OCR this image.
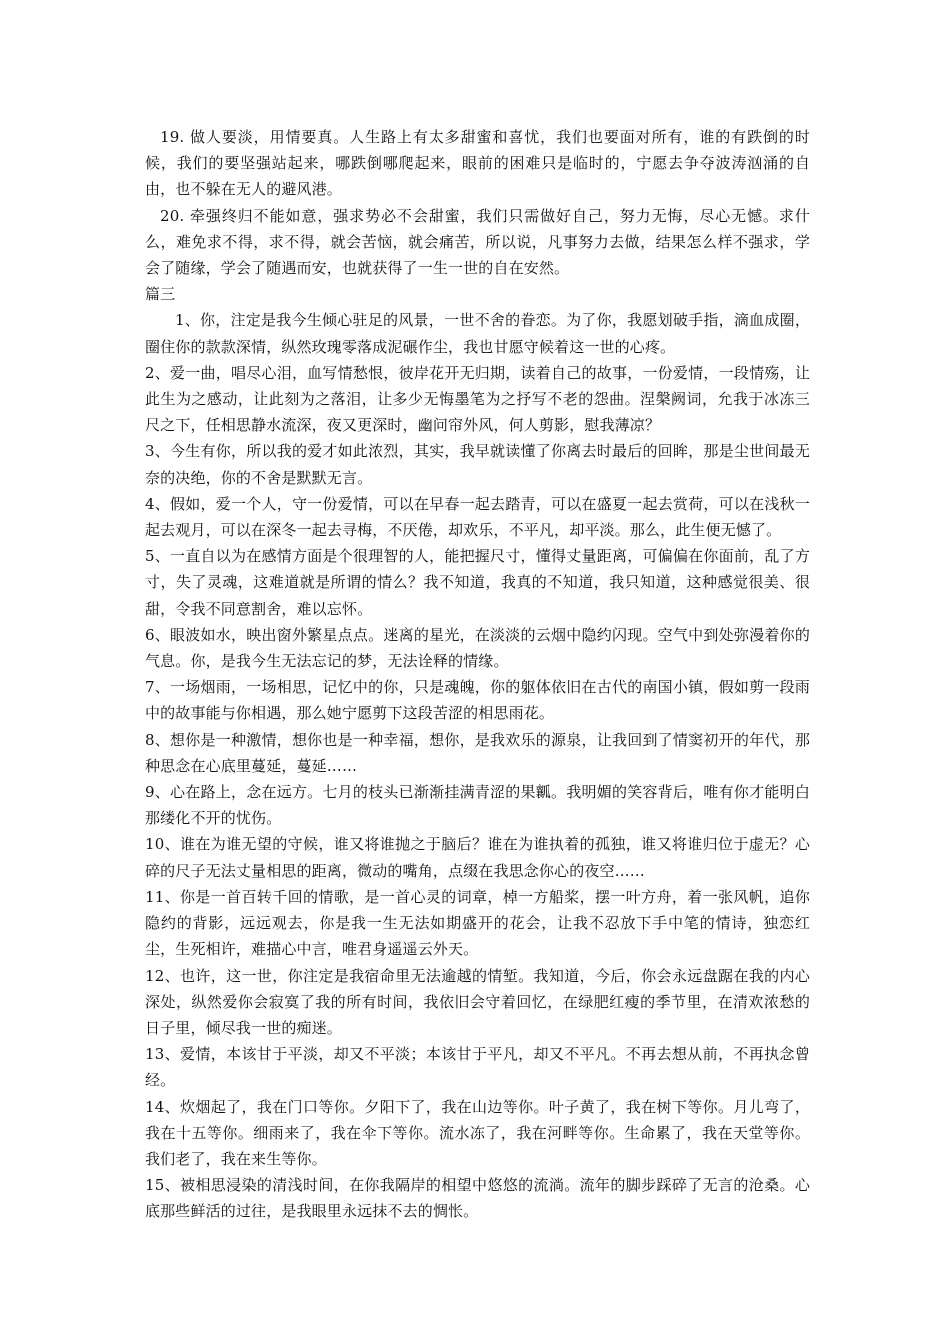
19. 做人要淡，用情要真。人生路上有太多甜蜜和喜忧，我们也要面对所有，谁的有跌倒的时候，我们的要坚强站起来，哪跌倒哪爬起来，眼前的困难只是临时的，宁愿去争夺波涛汹涌的自由，也不躲在无人的避风港。

20. 牵强终归不能如意，强求势必不会甜蜜，我们只需做好自己，努力无悔，尽心无憾。求什么，难免求不得，求不得，就会苦恼，就会痛苦，所以说，凡事努力去做，结果怎么样不强求，学会了随缘，学会了随遇而安，也就获得了一生一世的自在安然。

篇三

1、你，注定是我今生倾心驻足的风景，一世不舍的眷恋。为了你，我愿划破手指，滴血成圈，圈住你的款款深情，纵然玫瑰零落成泥碾作尘，我也甘愿守候着这一世的心疼。

2、爱一曲，唱尽心泪，血写情愁恨，彼岸花开无归期，读着自己的故事，一份爱情，一段情殇，让此生为之感动，让此刻为之落泪，让多少无悔墨笔为之抒写不老的怨曲。涅槃阙词，允我于冰冻三尺之下，任相思静水流深，夜又更深时，幽问帘外风，何人剪影，慰我薄凉？

3、今生有你，所以我的爱才如此浓烈，其实，我早就读懂了你离去时最后的回眸，那是尘世间最无奈的决绝，你的不舍是默默无言。

4、假如，爱一个人，守一份爱情，可以在早春一起去踏青，可以在盛夏一起去赏荷，可以在浅秋一起去观月，可以在深冬一起去寻梅，不厌倦，却欢乐，不平凡，却平淡。那么，此生便无憾了。

5、一直自以为在感情方面是个很理智的人，能把握尺寸，懂得丈量距离，可偏偏在你面前，乱了方寸，失了灵魂，这难道就是所谓的情么？我不知道，我真的不知道，我只知道，这种感觉很美、很甜，令我不同意割舍，难以忘怀。

6、眼波如水，映出窗外繁星点点。迷离的星光，在淡淡的云烟中隐约闪现。空气中到处弥漫着你的气息。你，是我今生无法忘记的梦，无法诠释的情缘。

7、一场烟雨，一场相思，记忆中的你，只是魂魄，你的躯体依旧在古代的南国小镇，假如剪一段雨中的故事能与你相遇，那么她宁愿剪下这段苦涩的相思雨花。

8、想你是一种激情，想你也是一种幸福，想你，是我欢乐的源泉，让我回到了情窦初开的年代，那种思念在心底里蔓延，蔓延……

9、心在路上，念在远方。七月的枝头已渐渐挂满青涩的果瓤。我明媚的笑容背后，唯有你才能明白那缕化不开的忧伤。

10、谁在为谁无望的守候，谁又将谁抛之于脑后？谁在为谁执着的孤独，谁又将谁归位于虚无？心碎的尺子无法丈量相思的距离，微动的嘴角，点缀在我思念你心的夜空……

11、你是一首百转千回的情歌，是一首心灵的词章，棹一方船桨，摆一叶方舟，着一张风帆，追你隐约的背影，远远观去，你是我一生无法如期盛开的花会，让我不忍放下手中笔的情诗，独恋红尘，生死相许，难描心中言，唯君身遥遥云外天。

12、也许，这一世，你注定是我宿命里无法逾越的情堑。我知道，今后，你会永远盘踞在我的内心深处，纵然爱你会寂寞了我的所有时间，我依旧会守着回忆，在绿肥红瘦的季节里，在清欢浓愁的日子里，倾尽我一世的痴迷。

13、爱情，本该甘于平淡，却又不平淡；本该甘于平凡，却又不平凡。不再去想从前，不再执念曾经。

14、炊烟起了，我在门口等你。夕阳下了，我在山边等你。叶子黄了，我在树下等你。月儿弯了，我在十五等你。细雨来了，我在伞下等你。流水冻了，我在河畔等你。生命累了，我在天堂等你。我们老了，我在来生等你。

15、被相思浸染的清浅时间，在你我隔岸的相望中悠悠的流淌。流年的脚步踩碎了无言的沧桑。心底那些鲜活的过往，是我眼里永远抹不去的惆怅。
